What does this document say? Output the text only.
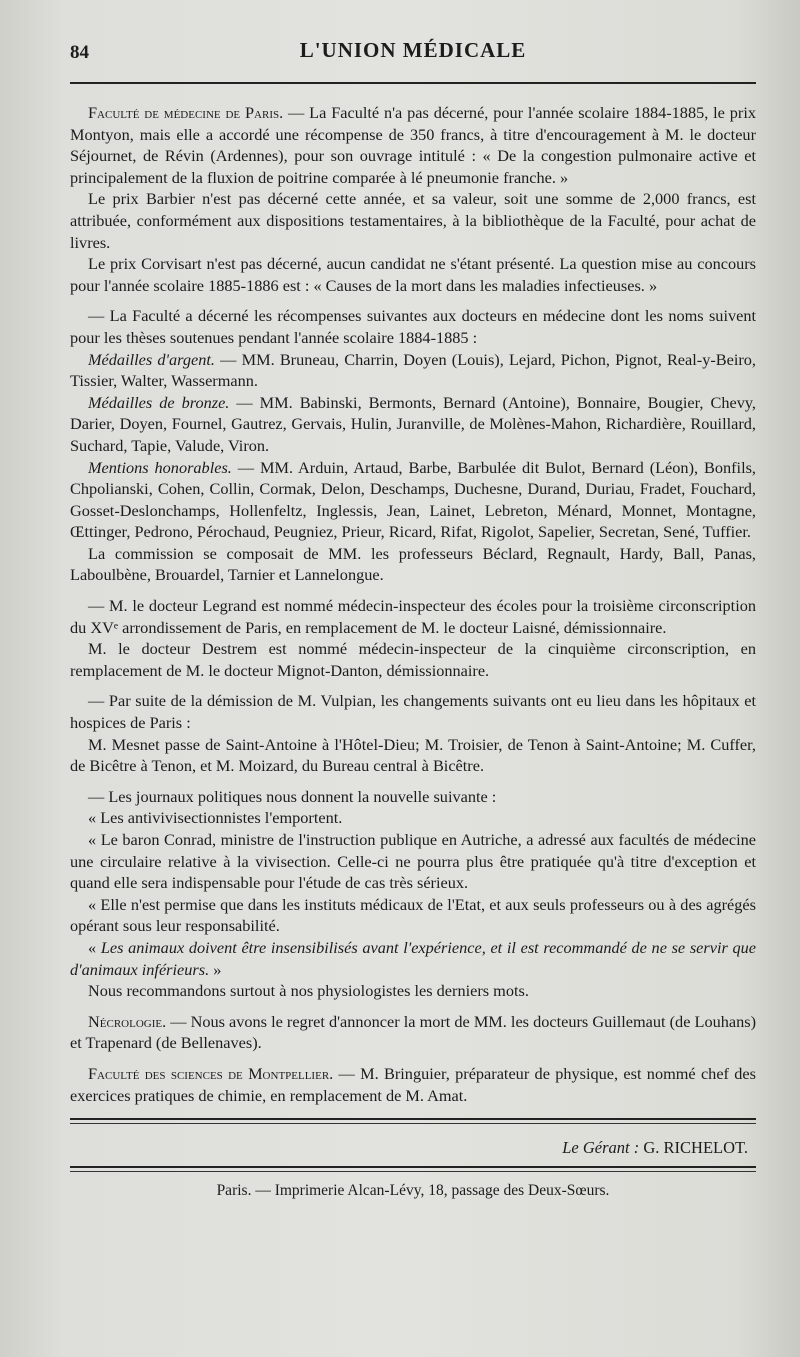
84	L'UNION MÉDICALE

Faculté de médecine de Paris. — La Faculté n'a pas décerné, pour l'année scolaire 1884-1885, le prix Montyon, mais elle a accordé une récompense de 350 francs, à titre d'encouragement à M. le docteur Séjournet, de Révin (Ardennes), pour son ouvrage intitulé : « De la congestion pulmonaire active et principalement de la fluxion de poitrine comparée à lé pneumonie franche. »

Le prix Barbier n'est pas décerné cette année, et sa valeur, soit une somme de 2,000 francs, est attribuée, conformément aux dispositions testamentaires, à la bibliothèque de la Faculté, pour achat de livres.

Le prix Corvisart n'est pas décerné, aucun candidat ne s'étant présenté. La question mise au concours pour l'année scolaire 1885-1886 est : « Causes de la mort dans les maladies infectieuses. »

— La Faculté a décerné les récompenses suivantes aux docteurs en médecine dont les noms suivent pour les thèses soutenues pendant l'année scolaire 1884-1885 :

Médailles d'argent. — MM. Bruneau, Charrin, Doyen (Louis), Lejard, Pichon, Pignot, Real-y-Beiro, Tissier, Walter, Wassermann.

Médailles de bronze. — MM. Babinski, Bermonts, Bernard (Antoine), Bonnaire, Bougier, Chevy, Darier, Doyen, Fournel, Gautrez, Gervais, Hulin, Juranville, de Molènes-Mahon, Richardière, Rouillard, Suchard, Tapie, Valude, Viron.

Mentions honorables. — MM. Arduin, Artaud, Barbe, Barbulée dit Bulot, Bernard (Léon), Bonfils, Chpolianski, Cohen, Collin, Cormak, Delon, Deschamps, Duchesne, Durand, Duriau, Fradet, Fouchard, Gosset-Deslonchamps, Hollenfeltz, Inglessis, Jean, Lainet, Lebreton, Ménard, Monnet, Montagne, Œttinger, Pedrono, Pérochaud, Peugniez, Prieur, Ricard, Rifat, Rigolot, Sapelier, Secretan, Sené, Tuffier.

La commission se composait de MM. les professeurs Béclard, Regnault, Hardy, Ball, Panas, Laboulbène, Brouardel, Tarnier et Lannelongue.

— M. le docteur Legrand est nommé médecin-inspecteur des écoles pour la troisième circonscription du XVᵉ arrondissement de Paris, en remplacement de M. le docteur Laisné, démissionnaire.

M. le docteur Destrem est nommé médecin-inspecteur de la cinquième circonscription, en remplacement de M. le docteur Mignot-Danton, démissionnaire.

— Par suite de la démission de M. Vulpian, les changements suivants ont eu lieu dans les hôpitaux et hospices de Paris :

M. Mesnet passe de Saint-Antoine à l'Hôtel-Dieu; M. Troisier, de Tenon à Saint-Antoine; M. Cuffer, de Bicêtre à Tenon, et M. Moizard, du Bureau central à Bicêtre.

— Les journaux politiques nous donnent la nouvelle suivante :

« Les antivivisectionnistes l'emportent.

« Le baron Conrad, ministre de l'instruction publique en Autriche, a adressé aux facultés de médecine une circulaire relative à la vivisection. Celle-ci ne pourra plus être pratiquée qu'à titre d'exception et quand elle sera indispensable pour l'étude de cas très sérieux.

« Elle n'est permise que dans les instituts médicaux de l'Etat, et aux seuls professeurs ou à des agrégés opérant sous leur responsabilité.

« Les animaux doivent être insensibilisés avant l'expérience, et il est recommandé de ne se servir que d'animaux inférieurs. »

Nous recommandons surtout à nos physiologistes les derniers mots.

Nécrologie. — Nous avons le regret d'annoncer la mort de MM. les docteurs Guillemaut (de Louhans) et Trapenard (de Bellenaves).

Faculté des sciences de Montpellier. — M. Bringuier, préparateur de physique, est nommé chef des exercices pratiques de chimie, en remplacement de M. Amat.

Le Gérant : G. RICHELOT.
Paris. — Imprimerie Alcan-Lévy, 18, passage des Deux-Sœurs.
